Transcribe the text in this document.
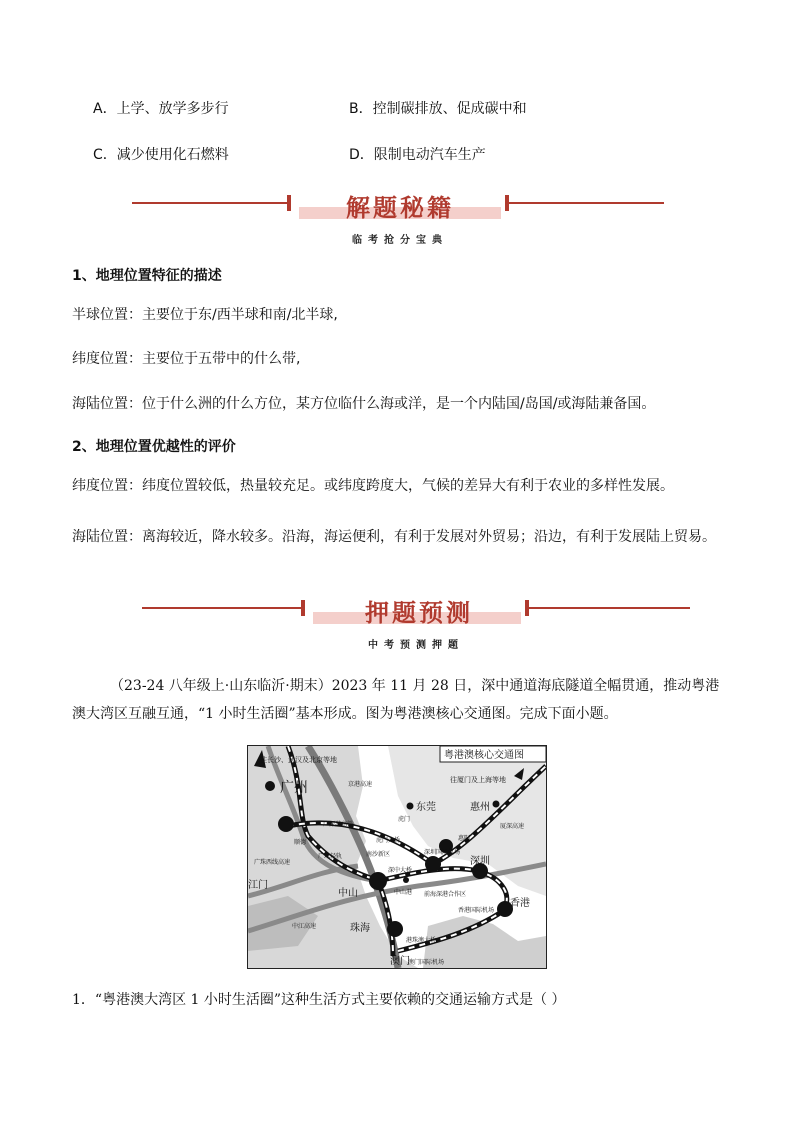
A．上学、放学多步行	B．控制碳排放、促成碳中和
C．减少使用化石燃料	D．限制电动汽车生产
解题秘籍
临考抢分宝典
1、地理位置特征的描述
半球位置：主要位于东/西半球和南/北半球,
纬度位置：主要位于五带中的什么带,
海陆位置：位于什么洲的什么方位，某方位临什么海或洋，是一个内陆国/岛国/或海陆兼备国。
2、地理位置优越性的评价
纬度位置：纬度位置较低，热量较充足。或纬度跨度大，气候的差异大有利于农业的多样性发展。
海陆位置：离海较近，降水较多。沿海，海运便利，有利于发展对外贸易；沿边，有利于发展陆上贸易。
押题预测
中考预测押题
（23-24 八年级上·山东临沂·期末）2023 年 11 月 28 日，深中通道海底隧道全幅贯通，推动粤港澳大湾区互融互通，“1 小时生活圈”基本形成。图为粤港澳核心交通图。完成下面小题。
粤港澳核心交通图
往长沙、武汉及北京等地
往厦门及上海等地
广州
东莞	惠州
深圳
江门
中山
珠海
澳门
香港
虎门
虎门大桥
广深港高铁
广珠轻轨
顺德
南沙新区
惠阳
深中大桥
中山港 前海深港合作区
港珠澳大桥
中江高速
澳门国际机场
深圳国际机场
香港国际机场
京港高速
厦深高速
广珠西线高速
1．“粤港澳大湾区 1 小时生活圈”这种生活方式主要依赖的交通运输方式是（ ）
